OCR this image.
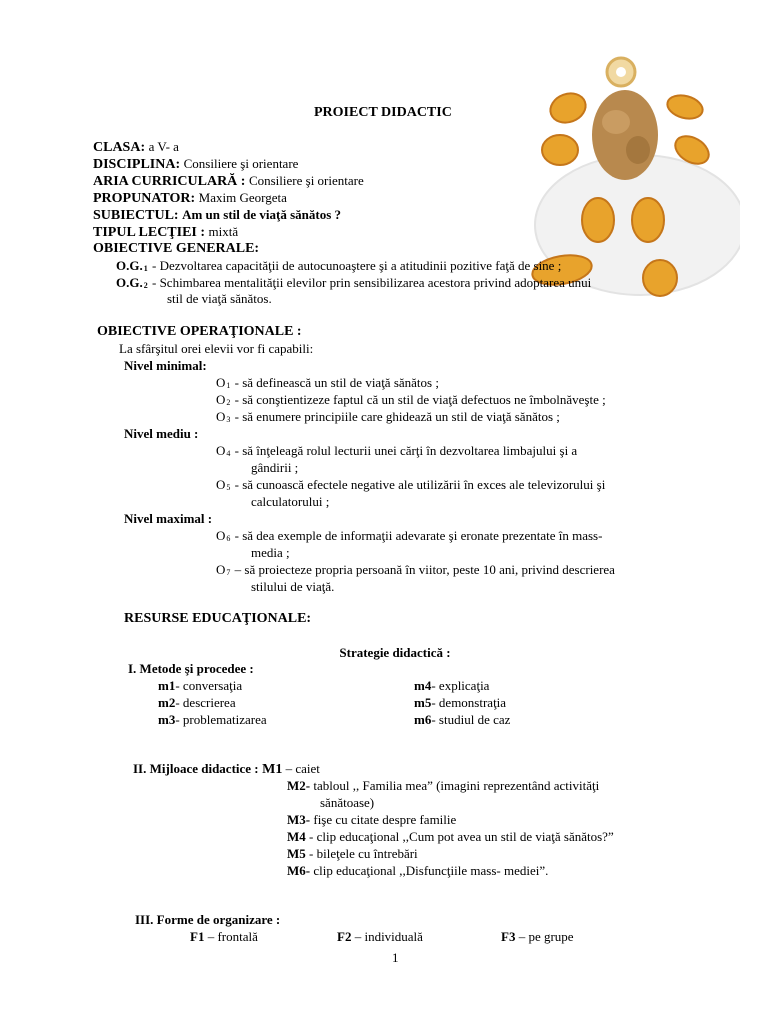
PROIECT DIDACTIC
CLASA: a V- a
DISCIPLINA: Consiliere şi orientare
ARIA CURRICULARĂ : Consiliere şi orientare
PROPUNATOR: Maxim Georgeta
SUBIECTUL: Am un stil de viaţă sănătos ?
TIPUL LECŢIEI : mixtă
OBIECTIVE GENERALE:
O.G.1 - Dezvoltarea capacităţii de autocunoaştere şi a atitudinii pozitive faţă de sine ;
O.G.2 - Schimbarea mentalităţii elevilor prin sensibilizarea acestora privind adoptarea unui
stil de viaţă sănătos.
OBIECTIVE OPERAŢIONALE :
La sfârşitul orei elevii vor fi capabili:
Nivel minimal:
O1 - să definească un stil de viaţă sănătos ;
O2 - să conştientizeze faptul că un stil de viaţă defectuos ne îmbolnăveşte ;
O3 - să enumere principiile care ghidează un stil de viaţă sănătos ;
Nivel mediu :
O4 - să înţeleagă rolul lecturii unei cărţi în dezvoltarea limbajului şi a
gândirii ;
O5 - să cunoască efectele negative ale utilizării în exces ale televizorului şi
calculatorului ;
Nivel maximal :
O6 - să dea exemple de informaţii adevarate şi eronate prezentate în mass-
media ;
O7 – să proiecteze propria persoană în viitor, peste 10 ani, privind descrierea
stilului de viaţă.
RESURSE EDUCAŢIONALE:
Strategie didactică :
I. Metode şi procedee :
m1- conversaţia
m2- descrierea
m3- problematizarea
m4- explicaţia
m5- demonstraţia
m6- studiul de caz
II. Mijloace didactice : M1 – caiet
M2- tabloul ,, Familia mea” (imagini reprezentând activităţi
sănătoase)
M3- fişe cu citate despre familie
M4 - clip educaţional ,,Cum pot avea un stil de viaţă sănătos?”
M5 - bileţele cu întrebări
M6- clip educaţional ,,Disfuncţiile mass- mediei”.
III. Forme de organizare :
F1 – frontală	F2 – individuală	F3 – pe grupe
1
